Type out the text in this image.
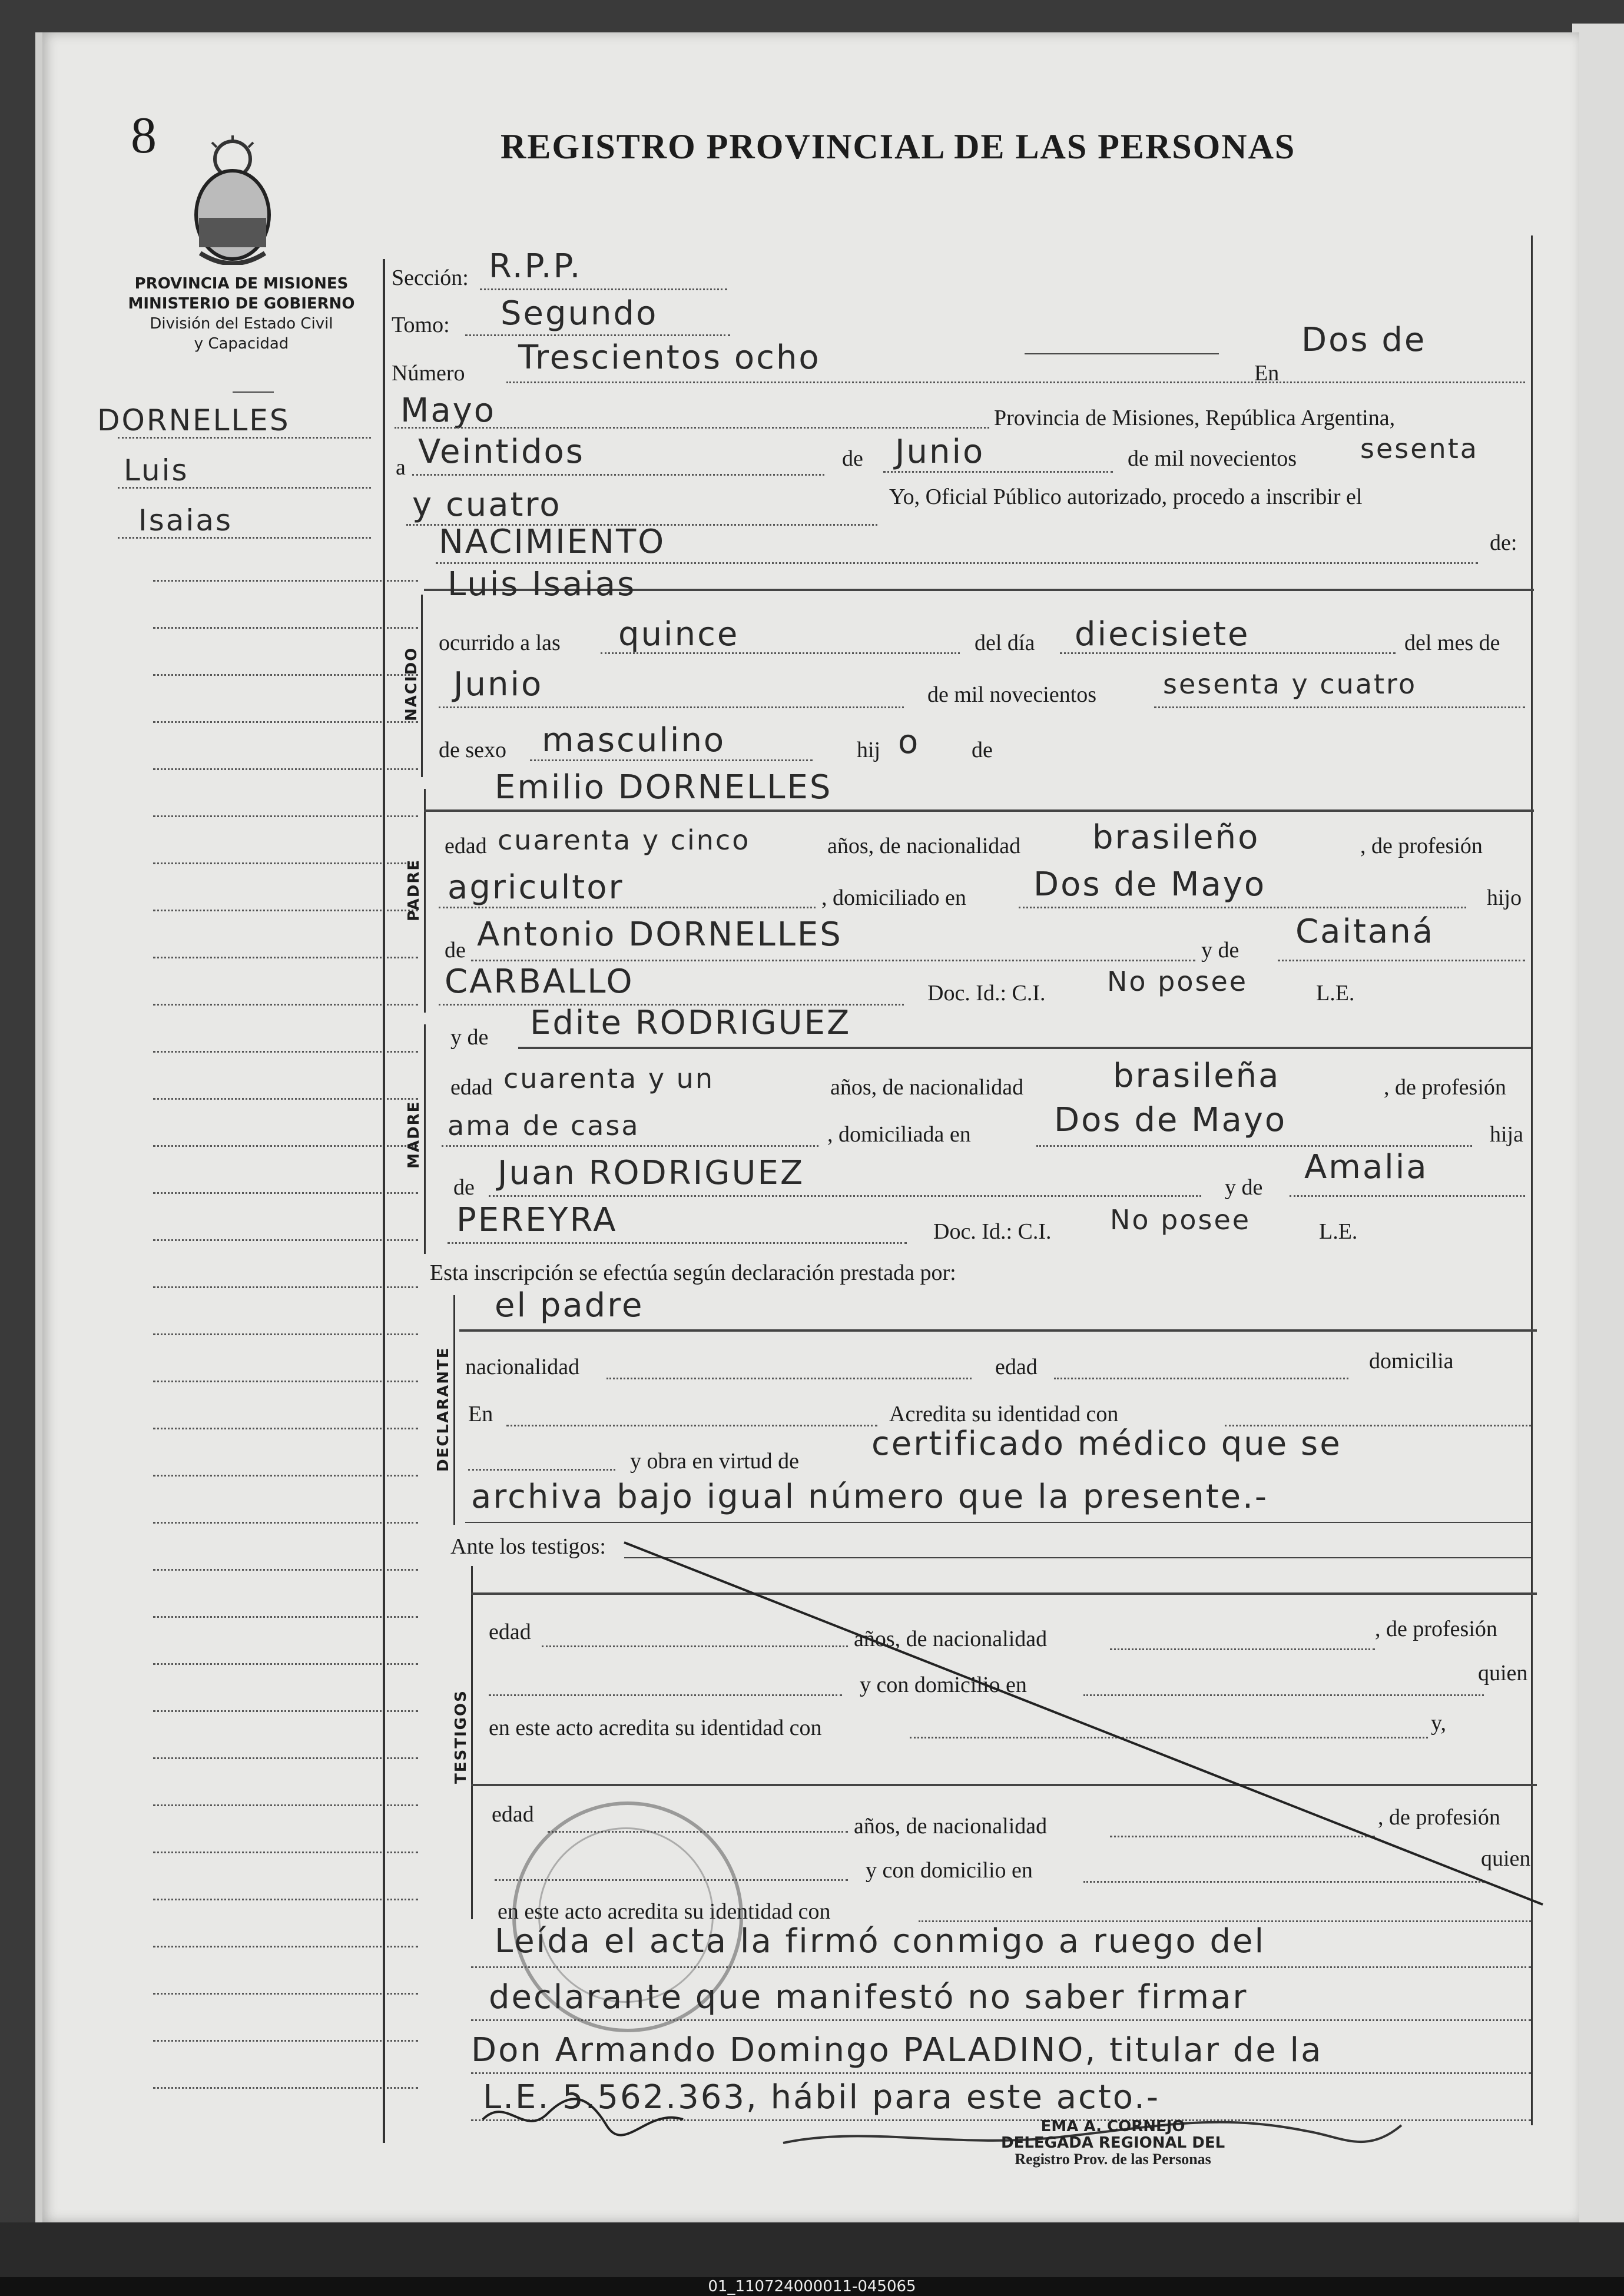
8	REGISTRO PROVINCIAL DE LAS PERSONAS
PROVINCIA DE MISIONES
MINISTERIO DE GOBIERNO
División del Estado Civil
y Capacidad
DORNELLES
Luis
Isaias
Sección: R.P.P.
Tomo: Segundo
Número Trescientos ocho	En
Dos de
Mayo	Provincia de Misiones, República Argentina,
a Veintidos	de Junio	de mil novecientos sesenta
y cuatro	Yo, Oficial Público autorizado, procedo a inscribir el
NACIMIENTO	de:
NACIDO
Luis Isaias
ocurrido a las quince	del día diecisiete	del mes de
Junio	de mil novecientos sesenta y cuatro
de sexo masculino	hij o de
PADRE
Emilio DORNELLES
edad cuarenta y cinco	años, de nacionalidad brasileño	, de profesión
agricultor	, domiciliado en Dos de Mayo	hijo
de Antonio DORNELLES	y de Caitaná
CARBALLO	Doc. Id.: C.I. No posee	L.E.
MADRE
y de Edite RODRIGUEZ
edad cuarenta y un	años, de nacionalidad	brasileña	, de profesión
ama de casa	, domiciliada en	Dos de Mayo	hija
de Juan RODRIGUEZ	y de
Amalia
PEREYRA	Doc. Id.: C.I. No posee	L.E.
Esta inscripción se efectúa según declaración prestada por:
DECLARANTE
el padre
nacionalidad	edad	domicilia
En	Acredita su identidad con
y obra en virtud de certificado médico que se
archiva bajo igual número que la presente.-
Ante los testigos:
TESTIGOS
edad	años, de nacionalidad	, de profesión
y con domicilio en	quien
en este acto acredita su identidad con	y,
edad	años, de nacionalidad	, de profesión
y con domicilio en	quien
en este acto acredita su identidad con
Leída el acta la firmó conmigo a ruego del
declarante que manifestó no saber firmar
Don Armando Domingo PALADINO, titular de la
L.E. 5.562.363, hábil para este acto.-
EMA A. CORNEJO
DELEGADA REGIONAL DEL
Registro Prov. de las Personas
01_110724000011-045065
